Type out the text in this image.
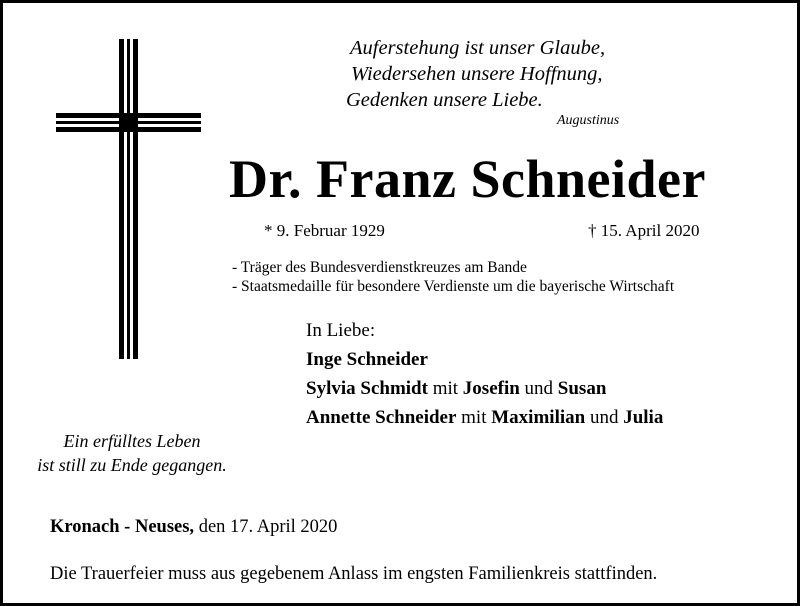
Auferstehung ist unser Glaube,
Wiedersehen unsere Hoffnung,
Gedenken unsere Liebe.
Augustinus
Dr. Franz Schneider
* 9. Februar 1929	† 15. April 2020
- Träger des Bundesverdienstkreuzes am Bande
- Staatsmedaille für besondere Verdienste um die bayerische Wirtschaft
In Liebe:
Inge Schneider
Sylvia Schmidt mit Josefin und Susan
Annette Schneider mit Maximilian und Julia
Ein erfülltes Leben
ist still zu Ende gegangen.
Kronach - Neuses, den 17. April 2020
Die Trauerfeier muss aus gegebenem Anlass im engsten Familienkreis stattfinden.
